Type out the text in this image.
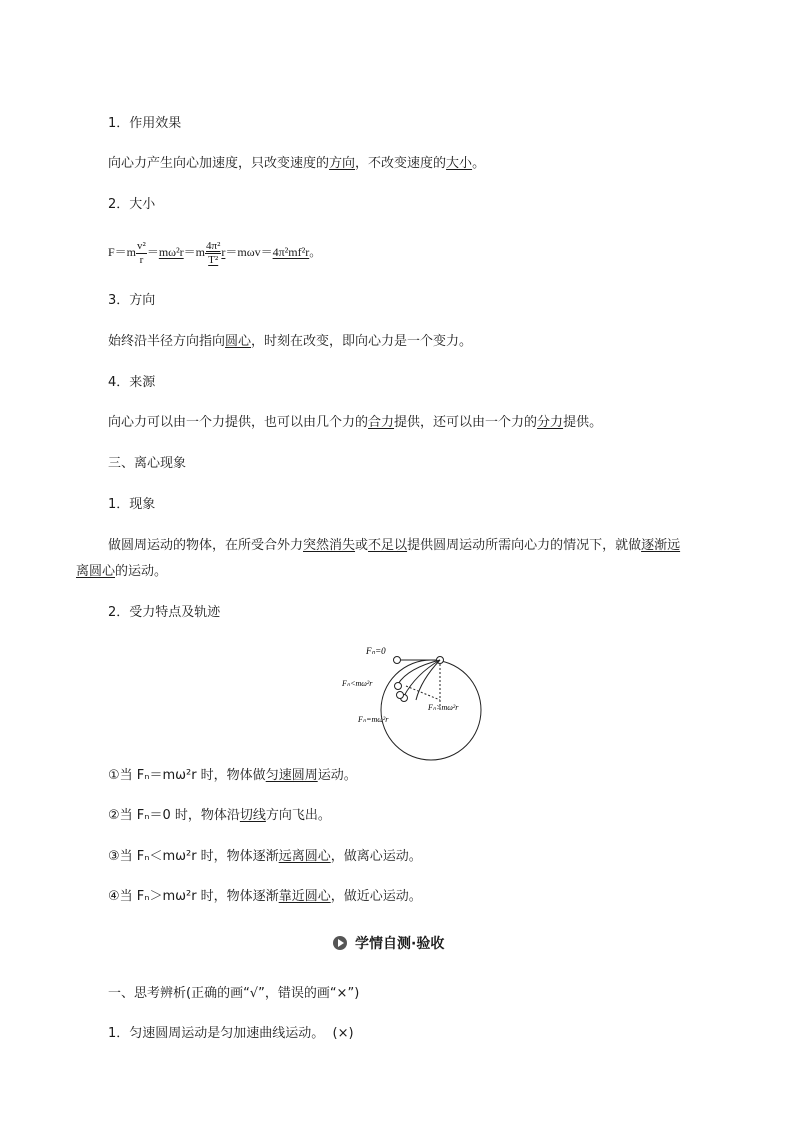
1．作用效果
向心力产生向心加速度，只改变速度的方向，不改变速度的大小。
2．大小
$F=m \frac{\text{v²}}{r} =m\omega^2r=m \frac{\text{4π²}}{\text{T²}} r=m\omega v=4\pi^2mf^2r$。
3．方向
始终沿半径方向指向圆心，时刻在改变，即向心力是一个变力。
4．来源
向心力可以由一个力提供，也可以由几个力的合力提供，还可以由一个力的分力提供。
三、离心现象
1．现象
做圆周运动的物体，在所受合外力突然消失或不足以提供圆周运动所需向心力的情况下，就做逐渐远
离圆心的运动。
2．受力特点及轨迹
Fₙ=0
Fₙ<mω²r
Fₙ>mω²r
Fₙ=mω²r
①当 Fₙ＝mω²r 时，物体做匀速圆周运动。
②当 Fₙ＝0 时，物体沿切线方向飞出。
③当 Fₙ＜mω²r 时，物体逐渐远离圆心，做离心运动。
④当 Fₙ＞mω²r 时，物体逐渐靠近圆心，做近心运动。
学情自测·验收
一、思考辨析(正确的画“√”，错误的画“×”)
1．匀速圆周运动是匀加速曲线运动。 (×)
